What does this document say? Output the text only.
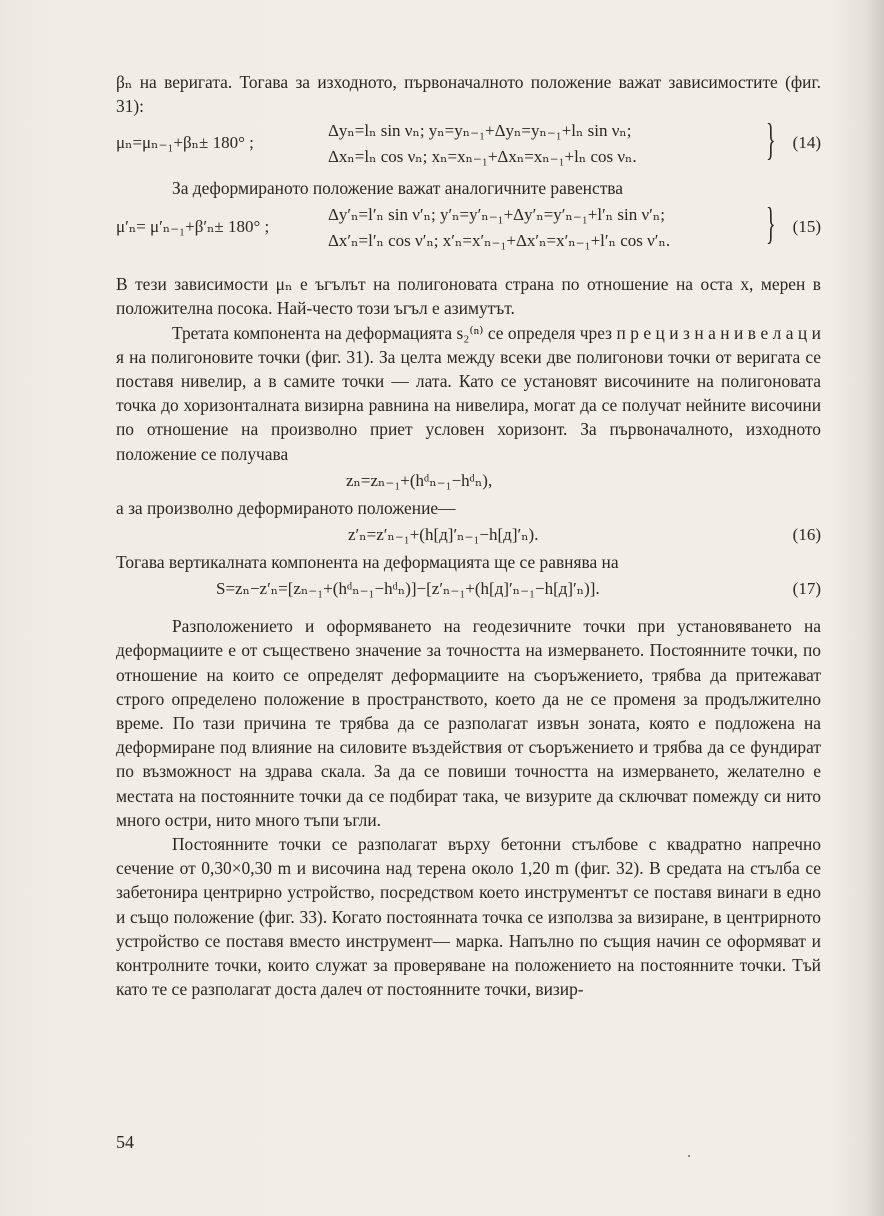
βₙ на веригата. Тогава за изходното, първоначалното положение важат зависимостите (фиг. 31):

μₙ=μₙ₋₁+βₙ± 180° ;
Δyₙ=lₙ sin νₙ; yₙ=yₙ₋₁+Δyₙ=yₙ₋₁+lₙ sin νₙ;
Δxₙ=lₙ cos νₙ; xₙ=xₙ₋₁+Δxₙ=xₙ₋₁+lₙ cos νₙ.	} (14)

За деформираното положение важат аналогичните равенства

μ′ₙ= μ′ₙ₋₁+β′ₙ± 180° ;
Δy′ₙ=l′ₙ sin ν′ₙ; y′ₙ=y′ₙ₋₁+Δy′ₙ=y′ₙ₋₁+l′ₙ sin ν′ₙ;
Δx′ₙ=l′ₙ cos ν′ₙ; x′ₙ=x′ₙ₋₁+Δx′ₙ=x′ₙ₋₁+l′ₙ cos ν′ₙ. } (15)

В тези зависимости μₙ е ъгълът на полигоновата страна по отношение на оста x, мерен в положителна посока. Най-често този ъгъл е азимутът.

Третата компонента на деформацията s₂⁽ⁿ⁾ се определя чрез п р е ц и з н а н и в е л а ц и я на полигоновите точки (фиг. 31). За целта между всеки две полигонови точки от веригата се поставя нивелир, а в самите точки — лата. Като се установят височините на полигоновата точка до хоризонталната визирна равнина на нивелира, могат да се получат нейните височини по отношение на произволно приет условен хоризонт. За първоначалното, изходното положение се получава

zₙ=zₙ₋₁+(hᵈₙ₋₁−hᵈₙ),

а за произволно деформираното положение—

z′ₙ=z′ₙ₋₁+(h[д]′ₙ₋₁−h[д]′ₙ).	(16)

Тогава вертикалната компонента на деформацията ще се равнява на

S=zₙ−z′ₙ=[zₙ₋₁+(hᵈₙ₋₁−hᵈₙ)]−[z′ₙ₋₁+(h[д]′ₙ₋₁−h[д]′ₙ)].	(17)

Разположението и оформяването на геодезичните точки при установяването на деформациите е от съществено значение за точността на измерването. Постоянните точки, по отношение на които се определят деформациите на съоръжението, трябва да притежават строго определено положение в пространството, което да не се променя за продължително време. По тази причина те трябва да се разполагат извън зоната, която е подложена на деформиране под влияние на силовите въздействия от съоръжението и трябва да се фундират по възможност на здрава скала. За да се повиши точността на измерването, желателно е местата на постоянните точки да се подбират така, че визурите да сключват помежду си нито много остри, нито много тъпи ъгли.

Постоянните точки се разполагат върху бетонни стълбове с квадратно напречно сечение от 0,30×0,30 m и височина над терена около 1,20 m (фиг. 32). В средата на стълба се забетонира центрирно устройство, посредством което инструментът се поставя винаги в едно и също положение (фиг. 33). Когато постоянната точка се използва за визиране, в центрирното устройство се поставя вместо инструмент— марка. Напълно по същия начин се оформяват и контролните точки, които служат за проверяване на положението на постоянните точки. Тъй като те се разполагат доста далеч от постоянните точки, визир-

54
